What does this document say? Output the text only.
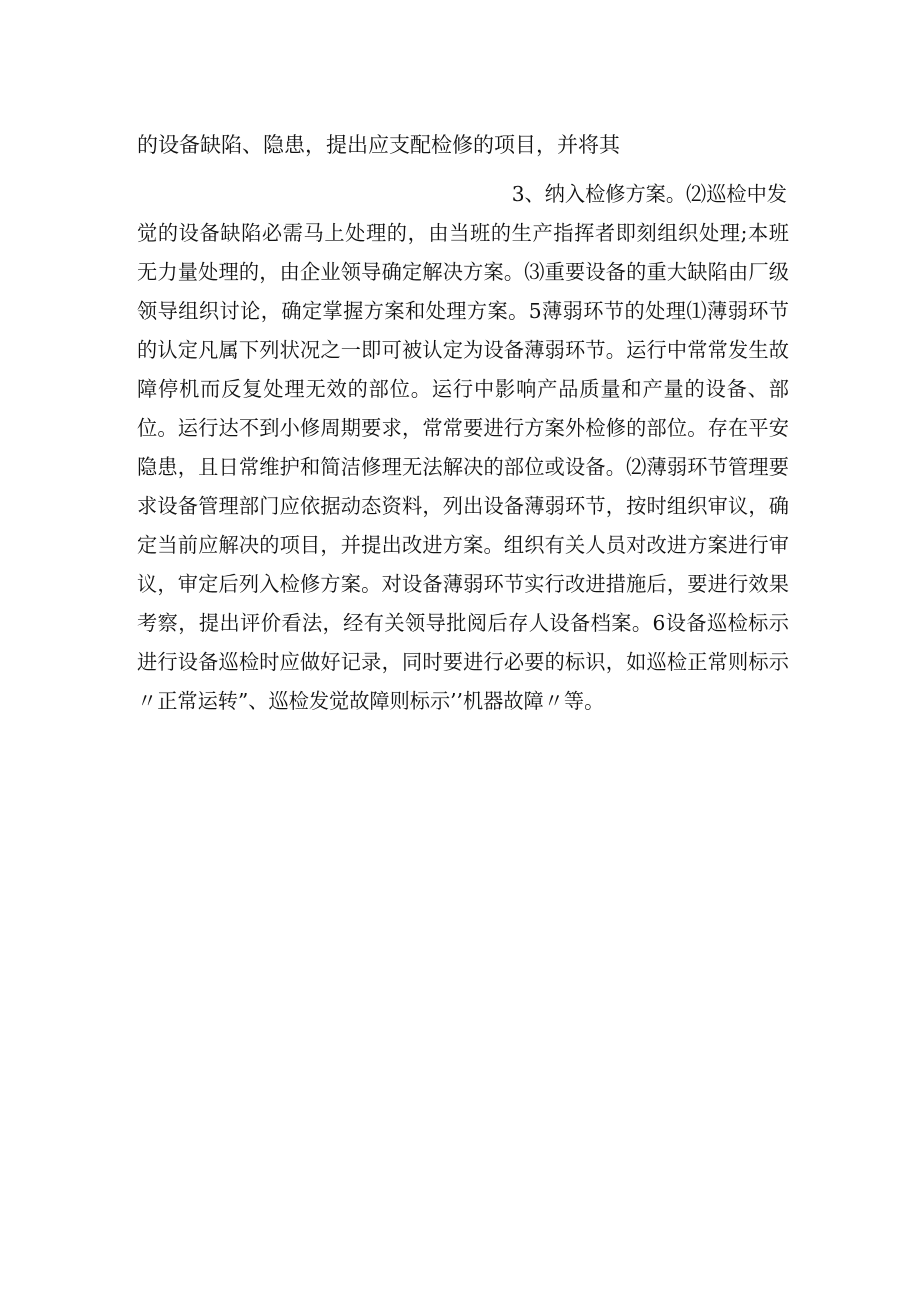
的设备缺陷、隐患，提出应支配检修的项目，并将其
3、纳入检修方案。⑵巡检中发
觉的设备缺陷必需马上处理的，由当班的生产指挥者即刻组织处理;本班无力量处理的，由企业领导确定解决方案。⑶重要设备的重大缺陷由厂级领导组织讨论，确定掌握方案和处理方案。5薄弱环节的处理⑴薄弱环节的认定凡属下列状况之一即可被认定为设备薄弱环节。运行中常常发生故障停机而反复处理无效的部位。运行中影响产品质量和产量的设备、部位。运行达不到小修周期要求，常常要进行方案外检修的部位。存在平安隐患，且日常维护和简洁修理无法解决的部位或设备。⑵薄弱环节管理要求设备管理部门应依据动态资料，列出设备薄弱环节，按时组织审议，确定当前应解决的项目，并提出改进方案。组织有关人员对改进方案进行审议，审定后列入检修方案。对设备薄弱环节实行改进措施后，要进行效果考察，提出评价看法，经有关领导批阅后存人设备档案。6设备巡检标示进行设备巡检时应做好记录，同时要进行必要的标识，如巡检正常则标示〃正常运转”、巡检发觉故障则标示’’机器故障〃等。
